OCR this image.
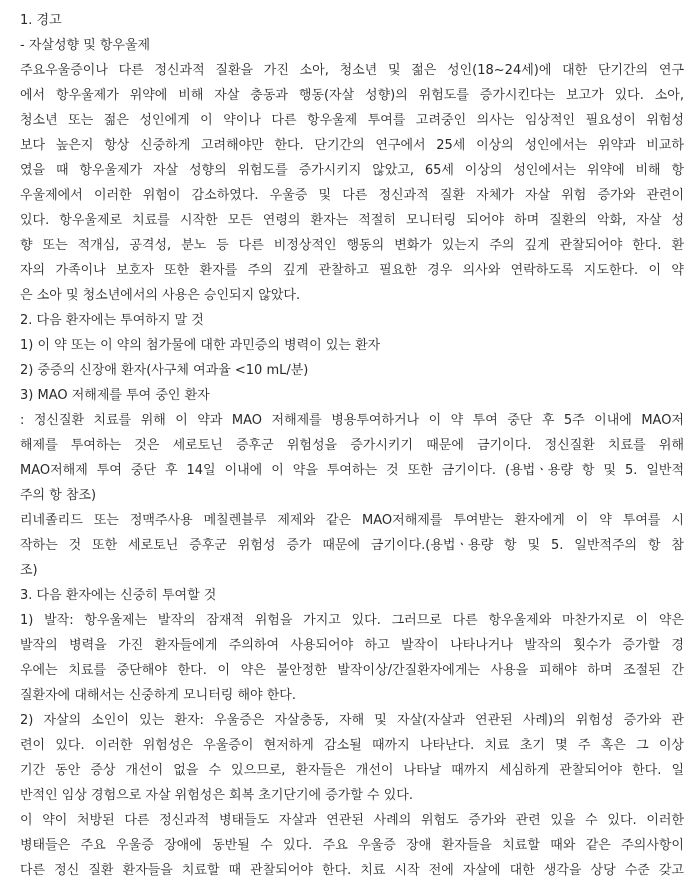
1. 경고
- 자살성향 및 항우울제
주요우울증이나 다른 정신과적 질환을 가진 소아, 청소년 및 젊은 성인(18~24세)에 대한 단기간의 연구
에서 항우울제가 위약에 비해 자살 충동과 행동(자살 성향)의 위험도를 증가시킨다는 보고가 있다. 소아,
청소년 또는 젊은 성인에게 이 약이나 다른 항우울제 투여를 고려중인 의사는 임상적인 필요성이 위험성
보다 높은지 항상 신중하게 고려해야만 한다. 단기간의 연구에서 25세 이상의 성인에서는 위약과 비교하
였을 때 항우울제가 자살 성향의 위험도를 증가시키지 않았고, 65세 이상의 성인에서는 위약에 비해 항
우울제에서 이러한 위험이 감소하였다. 우울증 및 다른 정신과적 질환 자체가 자살 위험 증가와 관련이
있다. 항우울제로 치료를 시작한 모든 연령의 환자는 적절히 모니터링 되어야 하며 질환의 악화, 자살 성
향 또는 적개심, 공격성, 분노 등 다른 비정상적인 행동의 변화가 있는지 주의 깊게 관찰되어야 한다. 환
자의 가족이나 보호자 또한 환자를 주의 깊게 관찰하고 필요한 경우 의사와 연락하도록 지도한다. 이 약
은 소아 및 청소년에서의 사용은 승인되지 않았다.
2. 다음 환자에는 투여하지 말 것
1) 이 약 또는 이 약의 첨가물에 대한 과민증의 병력이 있는 환자
2) 중증의 신장애 환자(사구체 여과율 <10 mL/분)
3) MAO 저해제를 투여 중인 환자
: 정신질환 치료를 위해 이 약과 MAO 저해제를 병용투여하거나 이 약 투여 중단 후 5주 이내에 MAO저
해제를 투여하는 것은 세로토닌 증후군 위험성을 증가시키기 때문에 금기이다. 정신질환 치료를 위해
MAO저해제 투여 중단 후 14일 이내에 이 약을 투여하는 것 또한 금기이다. (용법ㆍ용량 항 및 5. 일반적
주의 항 참조)
리네졸리드 또는 정맥주사용 메칠렌블루 제제와 같은 MAO저해제를 투여받는 환자에게 이 약 투여를 시
작하는 것 또한 세로토닌 증후군 위험성 증가 때문에 금기이다.(용법ㆍ용량 항 및 5. 일반적주의 항 참
조)
3. 다음 환자에는 신중히 투여할 것
1) 발작: 항우울제는 발작의 잠재적 위험을 가지고 있다. 그러므로 다른 항우울제와 마찬가지로 이 약은
발작의 병력을 가진 환자들에게 주의하여 사용되어야 하고 발작이 나타나거나 발작의 횟수가 증가할 경
우에는 치료를 중단해야 한다. 이 약은 불안정한 발작이상/간질환자에게는 사용을 피해야 하며 조절된 간
질환자에 대해서는 신중하게 모니터링 해야 한다.
2) 자살의 소인이 있는 환자: 우울증은 자살충동, 자해 및 자살(자살과 연관된 사례)의 위험성 증가와 관
련이 있다. 이러한 위험성은 우울증이 현저하게 감소될 때까지 나타난다. 치료 초기 몇 주 혹은 그 이상
기간 동안 증상 개선이 없을 수 있으므로, 환자들은 개선이 나타날 때까지 세심하게 관찰되어야 한다. 일
반적인 임상 경험으로 자살 위험성은 회복 초기단기에 증가할 수 있다.
이 약이 처방된 다른 정신과적 병태들도 자살과 연관된 사례의 위험도 증가와 관련 있을 수 있다. 이러한
병태들은 주요 우울증 장애에 동반될 수 있다. 주요 우울증 장애 환자들을 치료할 때와 같은 주의사항이
다른 정신 질환 환자들을 치료할 때 관찰되어야 한다. 치료 시작 전에 자살에 대한 생각을 상당 수준 갖고
